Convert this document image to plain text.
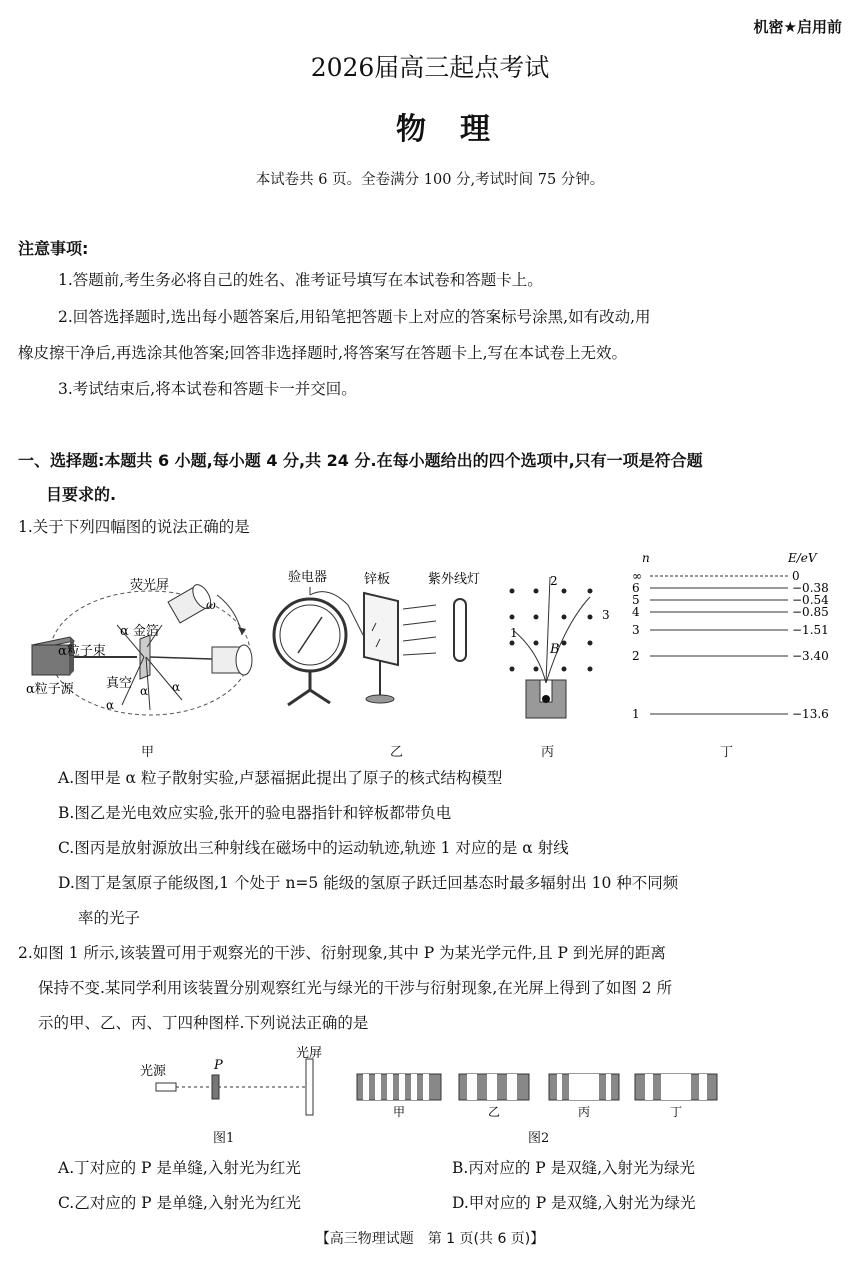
机密★启用前
2026届高三起点考试
物理
本试卷共 6 页。全卷满分 100 分,考试时间 75 分钟。
注意事项:
1.答题前,考生务必将自己的姓名、准考证号填写在本试卷和答题卡上。
2.回答选择题时,选出每小题答案后,用铅笔把答题卡上对应的答案标号涂黑,如有改动,用
橡皮擦干净后,再选涂其他答案;回答非选择题时,将答案写在答题卡上,写在本试卷上无效。
3.考试结束后,将本试卷和答题卡一并交回。
一、选择题:本题共 6 小题,每小题 4 分,共 24 分.在每小题给出的四个选项中,只有一项是符合题
目要求的.
1.关于下列四幅图的说法正确的是
荧光屏
ω
α 金箔
α粒子束
α粒子源 真空 α
α
α
甲
验电器	锌板	紫外线灯
乙
1
2
3
B
丙
n	E/eV
∞	0
6	−0.38
5	−0.54
4	−0.85
3	−1.51
2	−3.40
1	−13.6
丁
A.图甲是 α 粒子散射实验,卢瑟福据此提出了原子的核式结构模型
B.图乙是光电效应实验,张开的验电器指针和锌板都带负电
C.图丙是放射源放出三种射线在磁场中的运动轨迹,轨迹 1 对应的是 α 射线
D.图丁是氢原子能级图,1 个处于 n=5 能级的氢原子跃迁回基态时最多辐射出 10 种不同频
率的光子
2.如图 1 所示,该装置可用于观察光的干涉、衍射现象,其中 P 为某光学元件,且 P 到光屏的距离
保持不变.某同学利用该装置分别观察红光与绿光的干涉与衍射现象,在光屏上得到了如图 2 所
示的甲、乙、丙、丁四种图样.下列说法正确的是
光源	P
光屏
图1
甲	乙	丙	丁
图2
A.丁对应的 P 是单缝,入射光为红光	B.丙对应的 P 是双缝,入射光为绿光
C.乙对应的 P 是单缝,入射光为红光	D.甲对应的 P 是双缝,入射光为绿光
【高三物理试题　第 1 页(共 6 页)】
